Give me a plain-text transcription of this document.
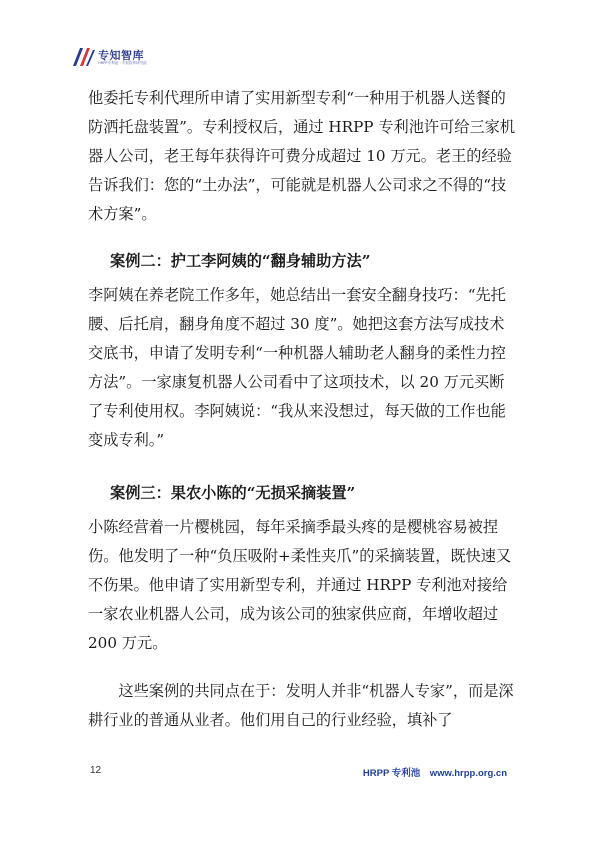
专知智库
HRPP专利池 · 专知智库研究院

他委托专利代理所申请了实用新型专利“一种用于机器人送餐的防洒托盘装置”。专利授权后，通过 HRPP 专利池许可给三家机器人公司，老王每年获得许可费分成超过 10 万元。老王的经验告诉我们：您的“土办法”，可能就是机器人公司求之不得的“技术方案”。

案例二：护工李阿姨的“翻身辅助方法”

李阿姨在养老院工作多年，她总结出一套安全翻身技巧：“先托腰、后托肩，翻身角度不超过 30 度”。她把这套方法写成技术交底书，申请了发明专利“一种机器人辅助老人翻身的柔性力控方法”。一家康复机器人公司看中了这项技术，以 20 万元买断了专利使用权。李阿姨说：“我从来没想过，每天做的工作也能变成专利。”

案例三：果农小陈的“无损采摘装置”

小陈经营着一片樱桃园，每年采摘季最头疼的是樱桃容易被捏伤。他发明了一种“负压吸附+柔性夹爪”的采摘装置，既快速又不伤果。他申请了实用新型专利，并通过 HRPP 专利池对接给一家农业机器人公司，成为该公司的独家供应商，年增收超过 200 万元。

这些案例的共同点在于：发明人并非“机器人专家”，而是深耕行业的普通从业者。他们用自己的行业经验，填补了

12	HRPP 专利池　www.hrpp.org.cn
